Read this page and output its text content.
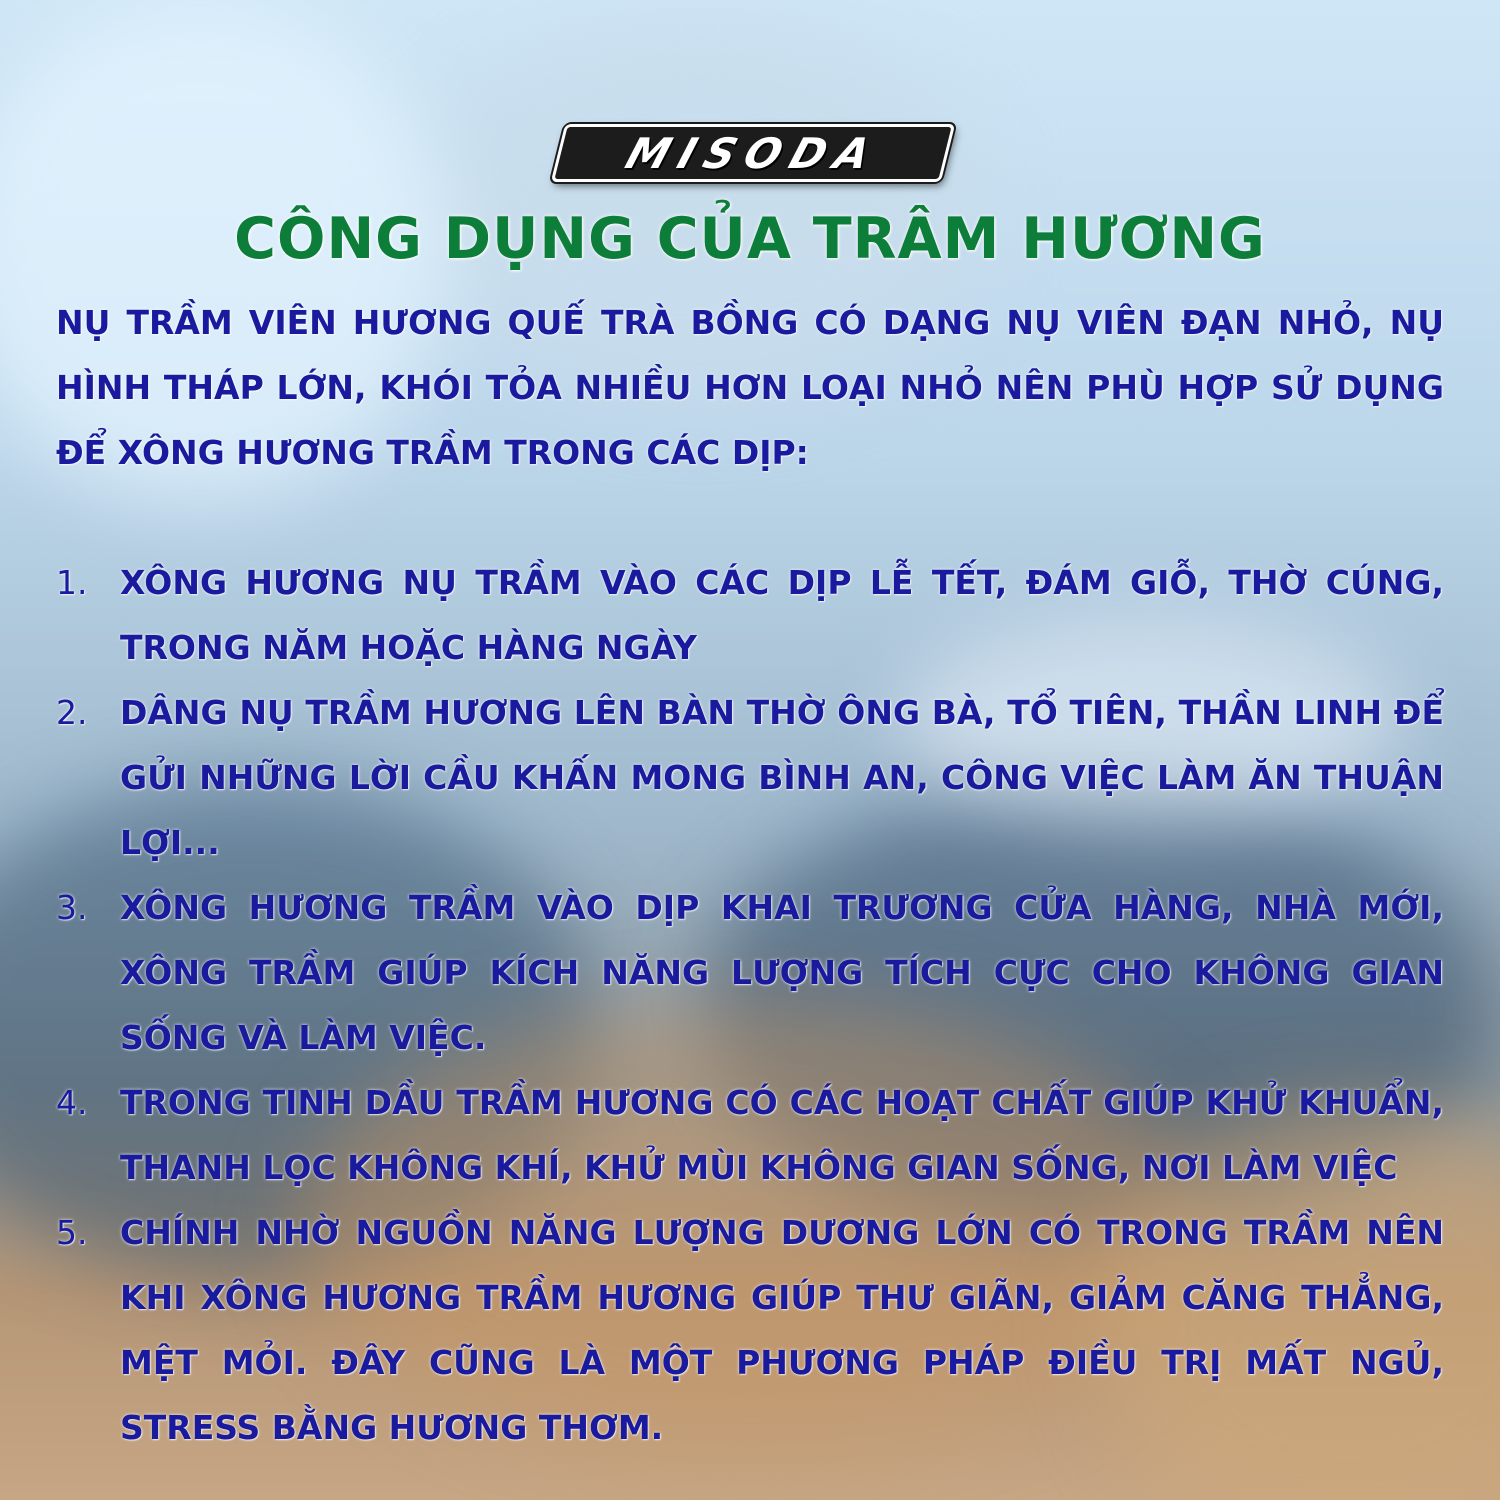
MISODA
CÔNG DỤNG CỦA TRÂM HƯƠNG
NỤ TRẦM VIÊN HƯƠNG QUẾ TRÀ BỒNG CÓ DẠNG NỤ VIÊN ĐẠN NHỎ, NỤ HÌNH THÁP LỚN, KHÓI TỎA NHIỀU HƠN LOẠI NHỎ NÊN PHÙ HỢP SỬ DỤNG ĐỂ XÔNG HƯƠNG TRẦM TRONG CÁC DỊP:
1. XÔNG HƯƠNG NỤ TRẦM VÀO CÁC DỊP LỄ TẾT, ĐÁM GIỖ, THỜ CÚNG, TRONG NĂM HOẶC HÀNG NGÀY
2. DÂNG NỤ TRẦM HƯƠNG LÊN BÀN THỜ ÔNG BÀ, TỔ TIÊN, THẦN LINH ĐỂ GỬI NHỮNG LỜI CẦU KHẤN MONG BÌNH AN, CÔNG VIỆC LÀM ĂN THUẬN LỢI...
3. XÔNG HƯƠNG TRẦM VÀO DỊP KHAI TRƯƠNG CỬA HÀNG, NHÀ MỚI, XÔNG TRẦM GIÚP KÍCH NĂNG LƯỢNG TÍCH CỰC CHO KHÔNG GIAN SỐNG VÀ LÀM VIỆC.
4. TRONG TINH DẦU TRẦM HƯƠNG CÓ CÁC HOẠT CHẤT GIÚP KHỬ KHUẨN, THANH LỌC KHÔNG KHÍ, KHỬ MÙI KHÔNG GIAN SỐNG, NƠI LÀM VIỆC
5. CHÍNH NHỜ NGUỒN NĂNG LƯỢNG DƯƠNG LỚN CÓ TRONG TRẦM NÊN KHI XÔNG HƯƠNG TRẦM HƯƠNG GIÚP THƯ GIÃN, GIẢM CĂNG THẲNG, MỆT MỎI. ĐÂY CŨNG LÀ MỘT PHƯƠNG PHÁP ĐIỀU TRỊ MẤT NGỦ, STRESS BẰNG HƯƠNG THƠM.
